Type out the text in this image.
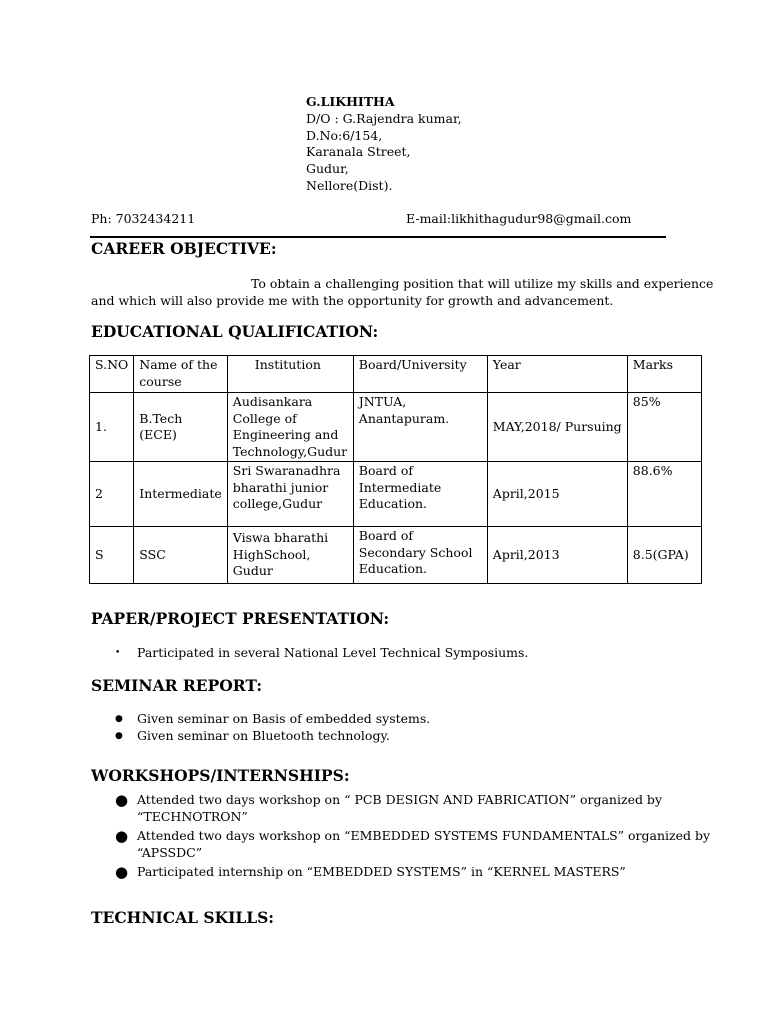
G.LIKHITHA
D/O : G.Rajendra kumar,
D.No:6/154,
Karanala Street,
Gudur,
Nellore(Dist).
Ph: 7032434211	E-mail:likhithagudur98@gmail.com
CAREER OBJECTIVE:
To obtain a challenging position that will utilize my skills and experience
and which will also provide me with the opportunity for growth and advancement.
EDUCATIONAL QUALIFICATION:
S.NO	Name of the course	Institution	Board/University	Year	Marks
1.	B.Tech (ECE)	Audisankara College of Engineering and Technology,Gudur	JNTUA, Anantapuram.	MAY,2018/ Pursuing	85%
2	Intermediate	Sri Swaranadhra bharathi junior college,Gudur	Board of Intermediate Education.	April,2015	88.6%
S	SSC	Viswa bharathi HighSchool, Gudur	Board of Secondary School Education.	April,2013	8.5(GPA)
PAPER/PROJECT PRESENTATION:
• Participated in several National Level Technical Symposiums.
SEMINAR REPORT:
● Given seminar on Basis of embedded systems.
● Given seminar on Bluetooth technology.
WORKSHOPS/INTERNSHIPS:
● Attended two days workshop on “ PCB DESIGN AND FABRICATION” organized by
“TECHNOTRON”
● Attended two days workshop on “EMBEDDED SYSTEMS FUNDAMENTALS” organized by
“APSSDC”
● Participated internship on “EMBEDDED SYSTEMS” in “KERNEL MASTERS”
TECHNICAL SKILLS:
